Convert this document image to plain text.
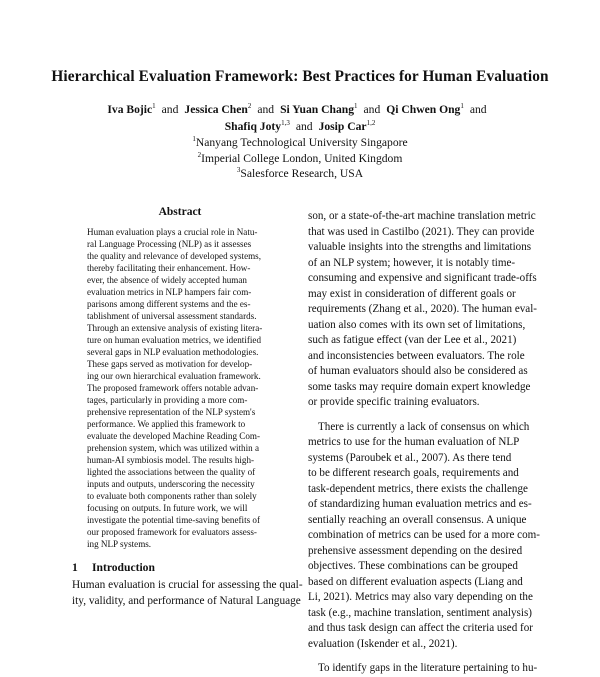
Hierarchical Evaluation Framework: Best Practices for Human Evaluation
Iva Bojic$^1$ and Jessica Chen$^2$ and Si Yuan Chang$^1$ and Qi Chwen Ong$^1$ and
Shafiq Joty$^{1,3}$ and Josip Car$^{1,2}$
$^1$Nanyang Technological University Singapore
$^2$Imperial College London, United Kingdom
$^3$Salesforce Research, USA
Abstract
Human evaluation plays a crucial role in Natu-
ral Language Processing (NLP) as it assesses
the quality and relevance of developed systems,
thereby facilitating their enhancement. How-
ever, the absence of widely accepted human
evaluation metrics in NLP hampers fair com-
parisons among different systems and the es-
tablishment of universal assessment standards.
Through an extensive analysis of existing litera-
ture on human evaluation metrics, we identified
several gaps in NLP evaluation methodologies.
These gaps served as motivation for develop-
ing our own hierarchical evaluation framework.
The proposed framework offers notable advan-
tages, particularly in providing a more com-
prehensive representation of the NLP system's
performance. We applied this framework to
evaluate the developed Machine Reading Com-
prehension system, which was utilized within a
human-AI symbiosis model. The results high-
lighted the associations between the quality of
inputs and outputs, underscoring the necessity
to evaluate both components rather than solely
focusing on outputs. In future work, we will
investigate the potential time-saving benefits of
our proposed framework for evaluators assess-
ing NLP systems.
1 Introduction
Human evaluation is crucial for assessing the qual-
ity, validity, and performance of Natural Language
son, or a state-of-the-art machine translation metric
that was used in Castilbo (2021). They can provide
valuable insights into the strengths and limitations
of an NLP system; however, it is notably time-
consuming and expensive and significant trade-offs
may exist in consideration of different goals or
requirements (Zhang et al., 2020). The human eval-
uation also comes with its own set of limitations,
such as fatigue effect (van der Lee et al., 2021)
and inconsistencies between evaluators. The role
of human evaluators should also be considered as
some tasks may require domain expert knowledge
or provide specific training evaluators.
There is currently a lack of consensus on which
metrics to use for the human evaluation of NLP
systems (Paroubek et al., 2007). As there tend
to be different research goals, requirements and
task-dependent metrics, there exists the challenge
of standardizing human evaluation metrics and es-
sentially reaching an overall consensus. A unique
combination of metrics can be used for a more com-
prehensive assessment depending on the desired
objectives. These combinations can be grouped
based on different evaluation aspects (Liang and
Li, 2021). Metrics may also vary depending on the
task (e.g., machine translation, sentiment analysis)
and thus task design can affect the criteria used for
evaluation (Iskender et al., 2021).
To identify gaps in the literature pertaining to hu-
